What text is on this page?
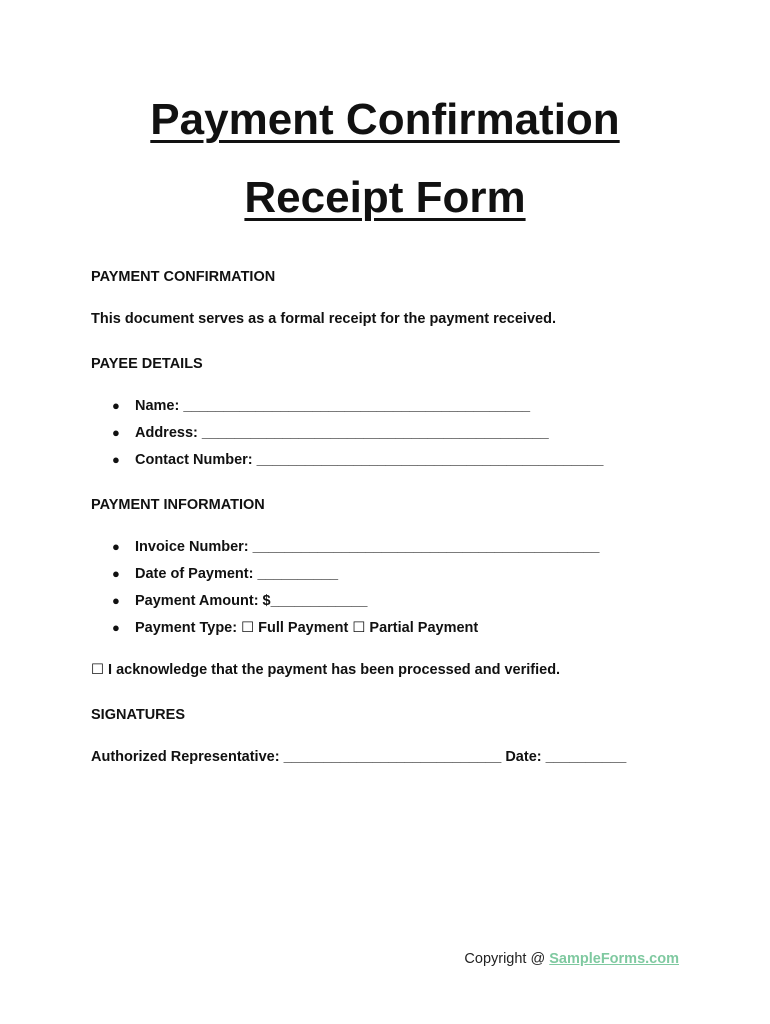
Payment Confirmation
Receipt Form
PAYMENT CONFIRMATION
This document serves as a formal receipt for the payment received.
PAYEE DETAILS
● Name: ___________________________________________
● Address: ___________________________________________
● Contact Number: ___________________________________________
PAYMENT INFORMATION
● Invoice Number: ___________________________________________
● Date of Payment: __________
● Payment Amount: $____________
● Payment Type: ☐ Full Payment ☐ Partial Payment
☐ I acknowledge that the payment has been processed and verified.
SIGNATURES
Authorized Representative: ___________________________ Date: __________
Copyright @ SampleForms.com
